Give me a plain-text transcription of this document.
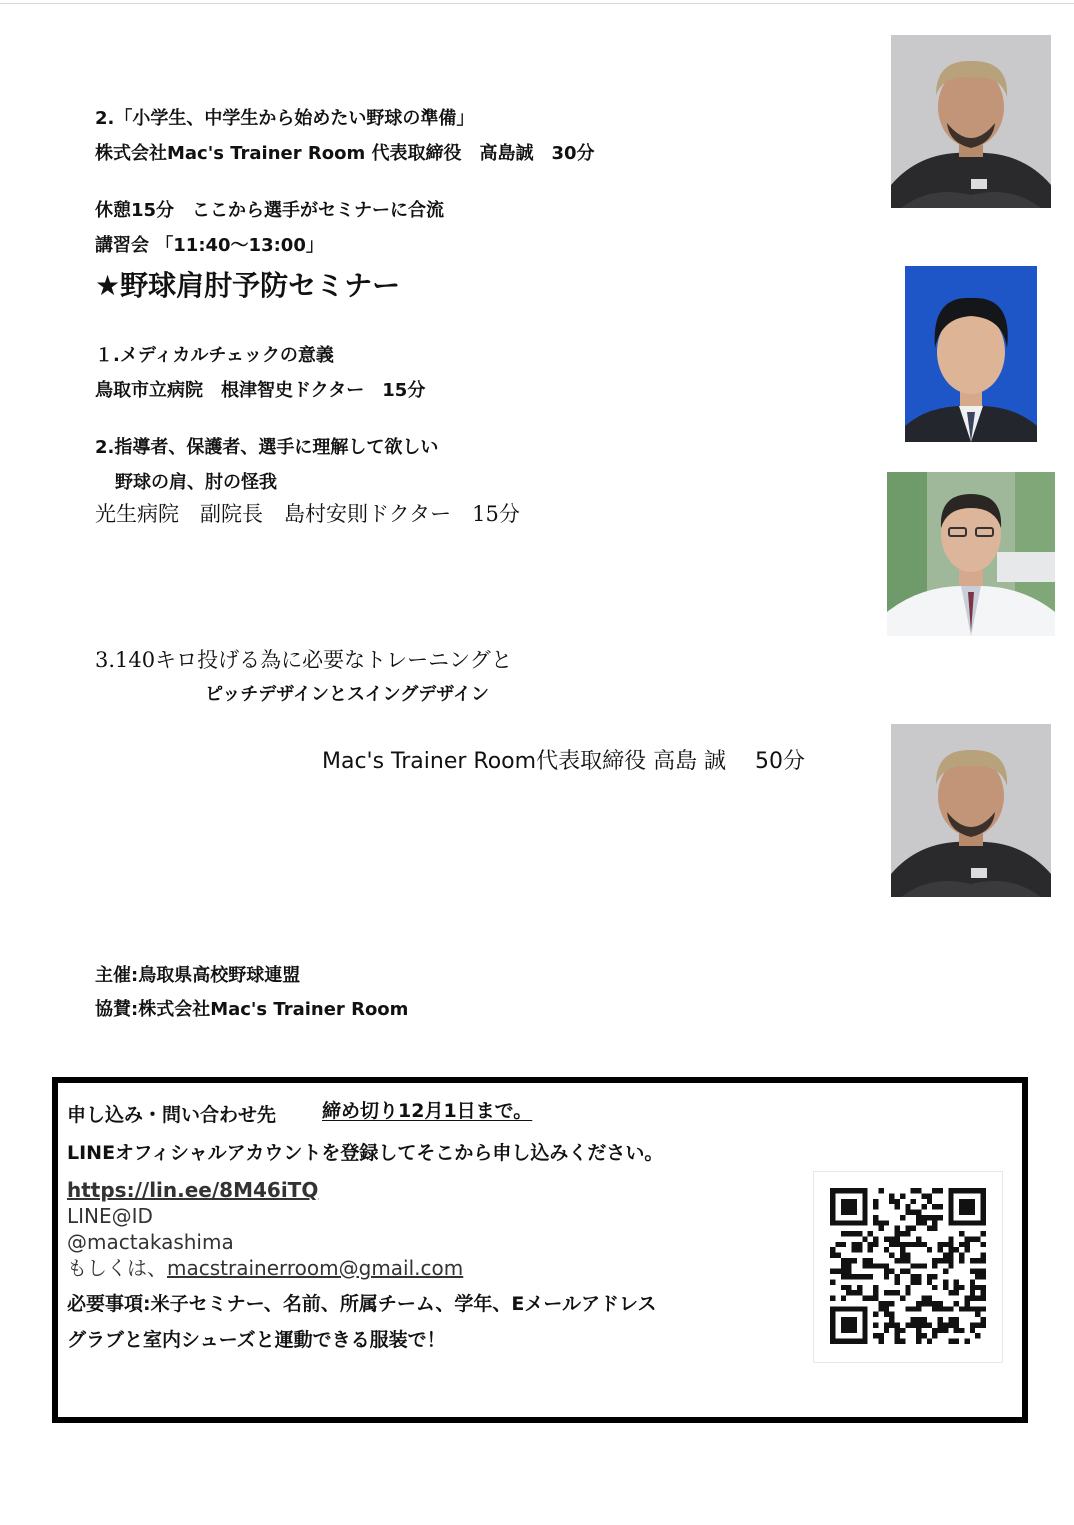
2.「小学生、中学生から始めたい野球の準備」
株式会社Mac's Trainer Room 代表取締役　高島誠　30分
休憩15分　ここから選手がセミナーに合流
講習会 「11:40〜13:00」
★野球肩肘予防セミナー
１.メディカルチェックの意義
鳥取市立病院　根津智史ドクター　15分
2.指導者、保護者、選手に理解して欲しい
野球の肩、肘の怪我
光生病院　副院長　島村安則ドクター　15分
3.140キロ投げる為に必要なトレーニングと
ピッチデザインとスイングデザイン
Mac's Trainer Room代表取締役 高島 誠　 50分
主催:鳥取県高校野球連盟
協賛:株式会社Mac's Trainer Room
申し込み・問い合わせ先 締め切り12月1日まで。
LINEオフィシャルアカウントを登録してそこから申し込みください。
https://lin.ee/8M46iTQ
LINE@ID
@mactakashima
もしくは、macstrainerroom@gmail.com
必要事項:米子セミナー、名前、所属チーム、学年、Eメールアドレス
グラブと室内シューズと運動できる服装で！
